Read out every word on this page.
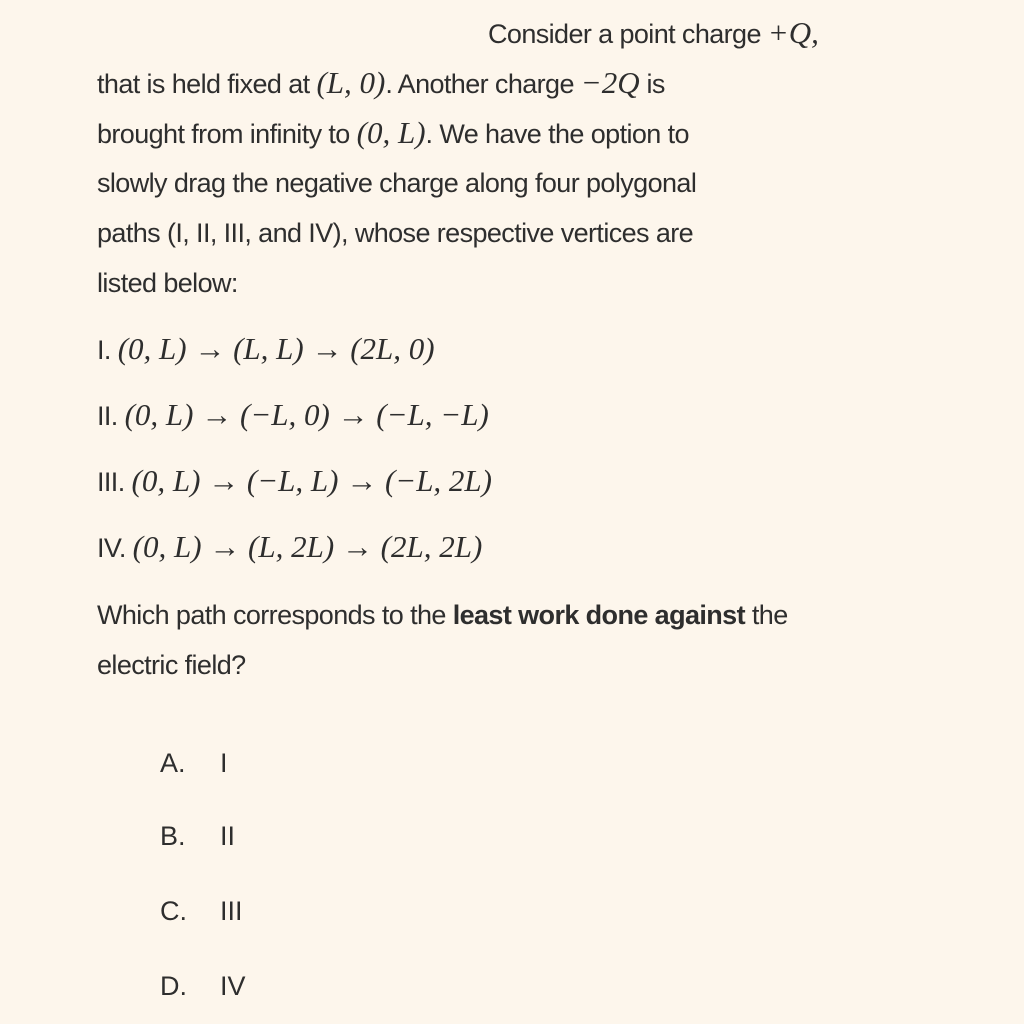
Consider a point charge +Q,
that is held fixed at (L, 0). Another charge −2Q is
brought from infinity to (0, L). We have the option to
slowly drag the negative charge along four polygonal
paths (I, II, III, and IV), whose respective vertices are
listed below:
I. (0, L) → (L, L) → (2L, 0)
II. (0, L) → (−L, 0) → (−L, −L)
III. (0, L) → (−L, L) → (−L, 2L)
IV. (0, L) → (L, 2L) → (2L, 2L)
Which path corresponds to the least work done against the
electric field?
A. I
B. II
C. III
D. IV
